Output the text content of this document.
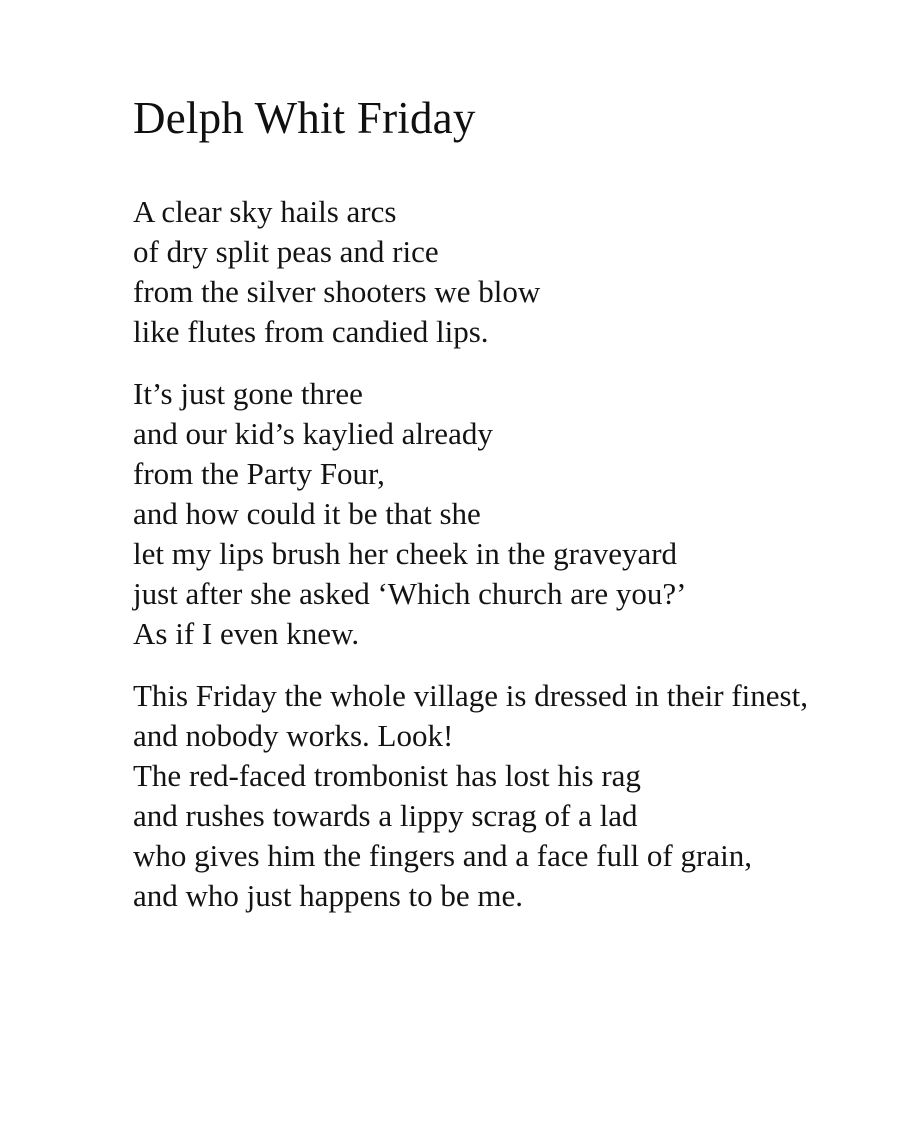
Delph Whit Friday
A clear sky hails arcs
of dry split peas and rice
from the silver shooters we blow
like flutes from candied lips.
It’s just gone three
and our kid’s kaylied already
from the Party Four,
and how could it be that she
let my lips brush her cheek in the graveyard
just after she asked ‘Which church are you?’
As if I even knew.
This Friday the whole village is dressed in their finest,
and nobody works. Look!
The red-faced trombonist has lost his rag
and rushes towards a lippy scrag of a lad
who gives him the fingers and a face full of grain,
and who just happens to be me.
